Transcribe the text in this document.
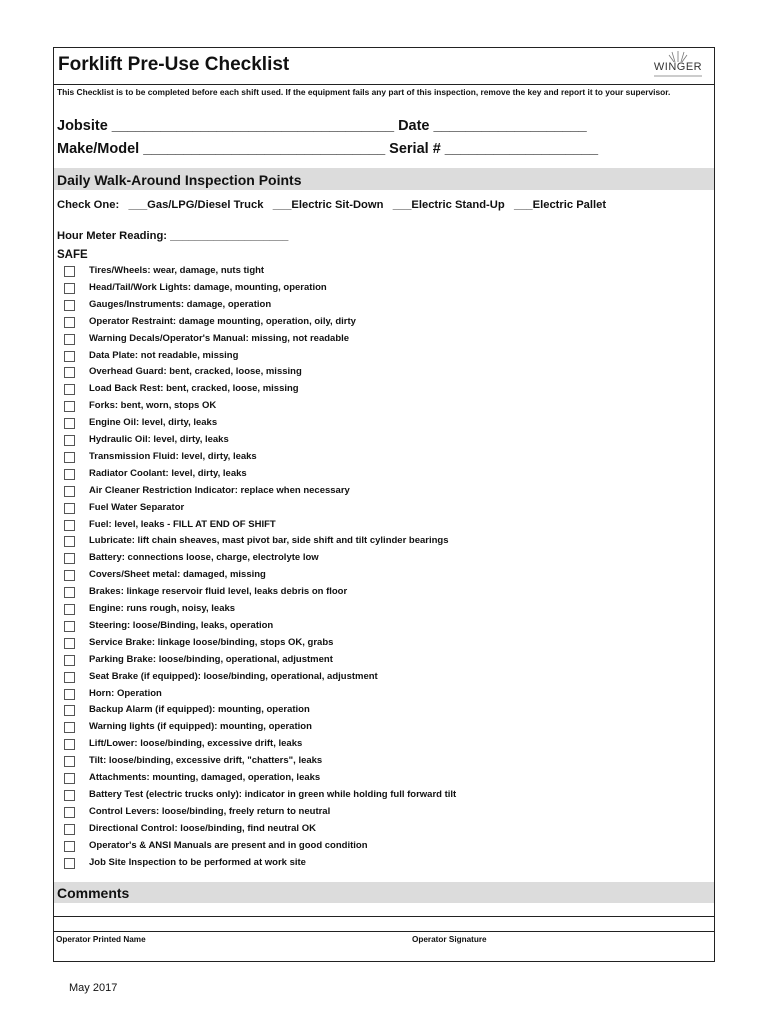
Forklift Pre-Use Checklist	WINGER
This Checklist is to be completed before each shift used. If the equipment fails any part of this inspection, remove the key and report it to your supervisor.
Jobsite ___________________________________ Date ___________________
Make/Model ______________________________ Serial # ___________________
Daily Walk-Around Inspection Points
Check One:   ___Gas/LPG/Diesel Truck   ___Electric Sit-Down   ___Electric Stand-Up   ___Electric Pallet
Hour Meter Reading: ___________________
SAFE
Tires/Wheels: wear, damage, nuts tight
Head/Tail/Work Lights: damage, mounting, operation
Gauges/Instruments: damage, operation
Operator Restraint: damage mounting, operation, oily, dirty
Warning Decals/Operator's Manual: missing, not readable
Data Plate: not readable, missing
Overhead Guard: bent, cracked, loose, missing
Load Back Rest: bent, cracked, loose, missing
Forks: bent, worn, stops OK
Engine Oil: level, dirty, leaks
Hydraulic Oil: level, dirty, leaks
Transmission Fluid: level, dirty, leaks
Radiator Coolant: level, dirty, leaks
Air Cleaner Restriction Indicator: replace when necessary
Fuel Water Separator
Fuel: level, leaks - FILL AT END OF SHIFT
Lubricate: lift chain sheaves, mast pivot bar, side shift and tilt cylinder bearings
Battery: connections loose, charge, electrolyte low
Covers/Sheet metal: damaged, missing
Brakes: linkage reservoir fluid level, leaks debris on floor
Engine: runs rough, noisy, leaks
Steering: loose/Binding, leaks, operation
Service Brake: linkage loose/binding, stops OK, grabs
Parking Brake: loose/binding, operational, adjustment
Seat Brake (if equipped): loose/binding, operational, adjustment
Horn: Operation
Backup Alarm (if equipped): mounting, operation
Warning lights (if equipped): mounting, operation
Lift/Lower: loose/binding, excessive drift, leaks
Tilt: loose/binding, excessive drift, "chatters", leaks
Attachments: mounting, damaged, operation, leaks
Battery Test (electric trucks only): indicator in green while holding full forward tilt
Control Levers: loose/binding, freely return to neutral
Directional Control: loose/binding, find neutral OK
Operator's & ANSI Manuals are present and in good condition
Job Site Inspection to be performed at work site
Comments
Operator Printed Name	Operator Signature
May 2017
